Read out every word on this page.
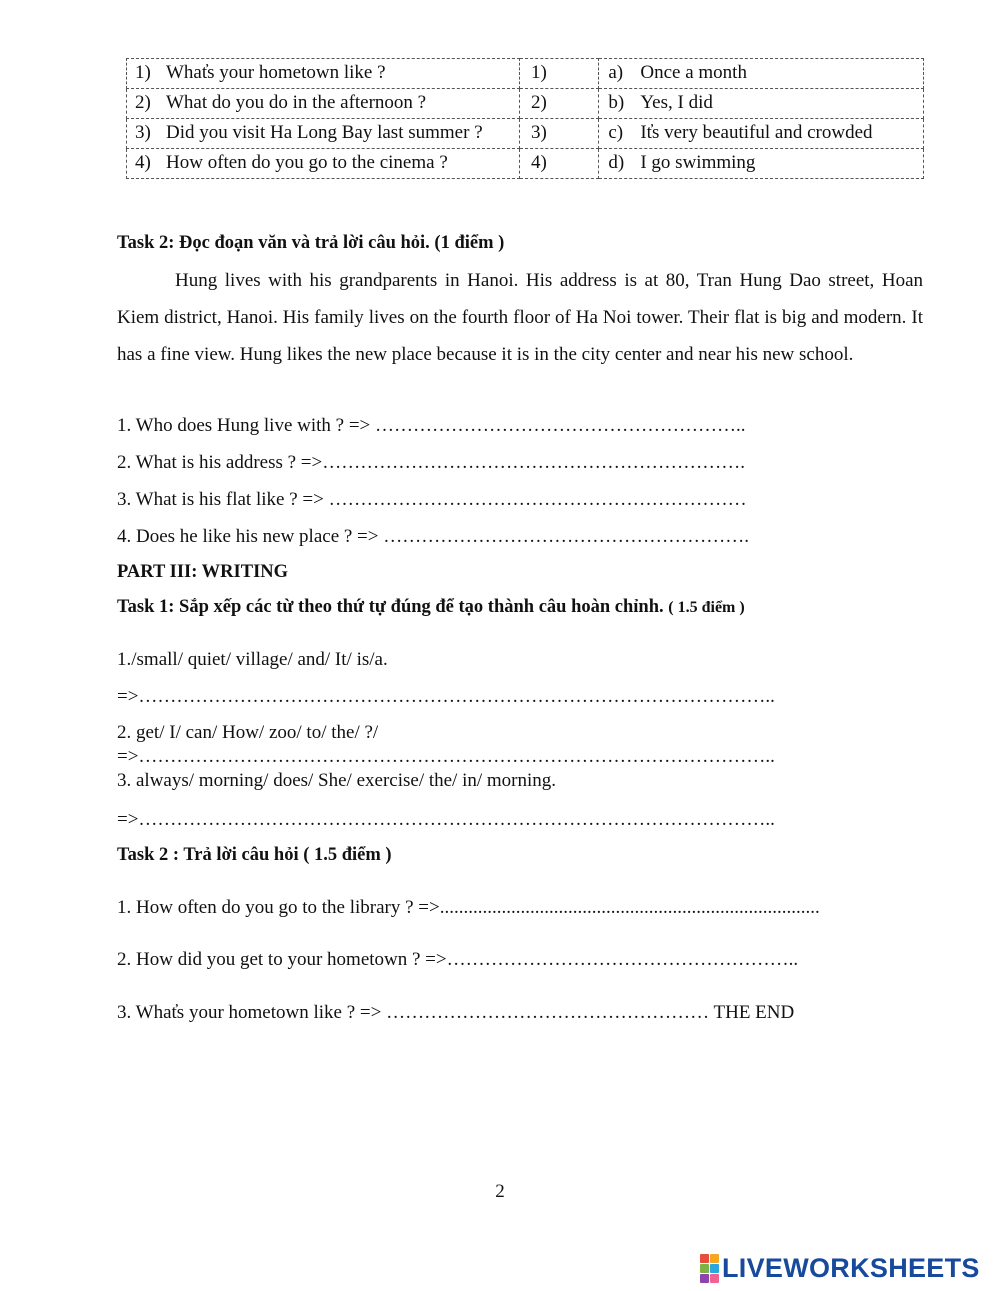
1) What̓s your hometown like ?	1)	a) Once a month

2) What do you do in the afternoon ?	2)	b) Yes, I did

3) Did you visit Ha Long Bay last summer ?	3)	c) It̓s very beautiful and crowded

4) How often do you go to the cinema ?	4)	d) I go swimming
Task 2: Đọc đoạn văn và trả lời câu hỏi. (1 điểm )
Hung lives with his grandparents in Hanoi. His address is at 80, Tran Hung Dao street, Hoan Kiem district, Hanoi. His family lives on the fourth floor of Ha Noi tower. Their flat is big and modern. It has a fine view. Hung likes the new place because it is in the city center and near his new school.
1. Who does Hung live with ? => …………………………………………………..
2. What is his address ? =>………………………………………………………….
3. What is his flat like ? => …………………………………………………………
4. Does he like his new place ? => ………………………………………………….
PART III: WRITING
Task 1: Sắp xếp các từ theo thứ tự đúng để tạo thành câu hoàn chỉnh. ( 1.5 điểm )
1./small/ quiet/ village/ and/ It/ is/a.
=>………………………………………………………………………………………..
2. get/ I/ can/ How/ zoo/ to/ the/ ?/
=>………………………………………………………………………………………..
3. always/ morning/ does/ She/ exercise/ the/ in/ morning.
=>………………………………………………………………………………………..
Task 2 : Trả lời câu hỏi ( 1.5 điểm )
1. How often do you go to the library ? =>................................................................................
2. How did you get to your hometown ? =>………………………………………………..
3. What̓s your hometown like ? => …………………………………………… THE END
2
LIVEWORKSHEETS
